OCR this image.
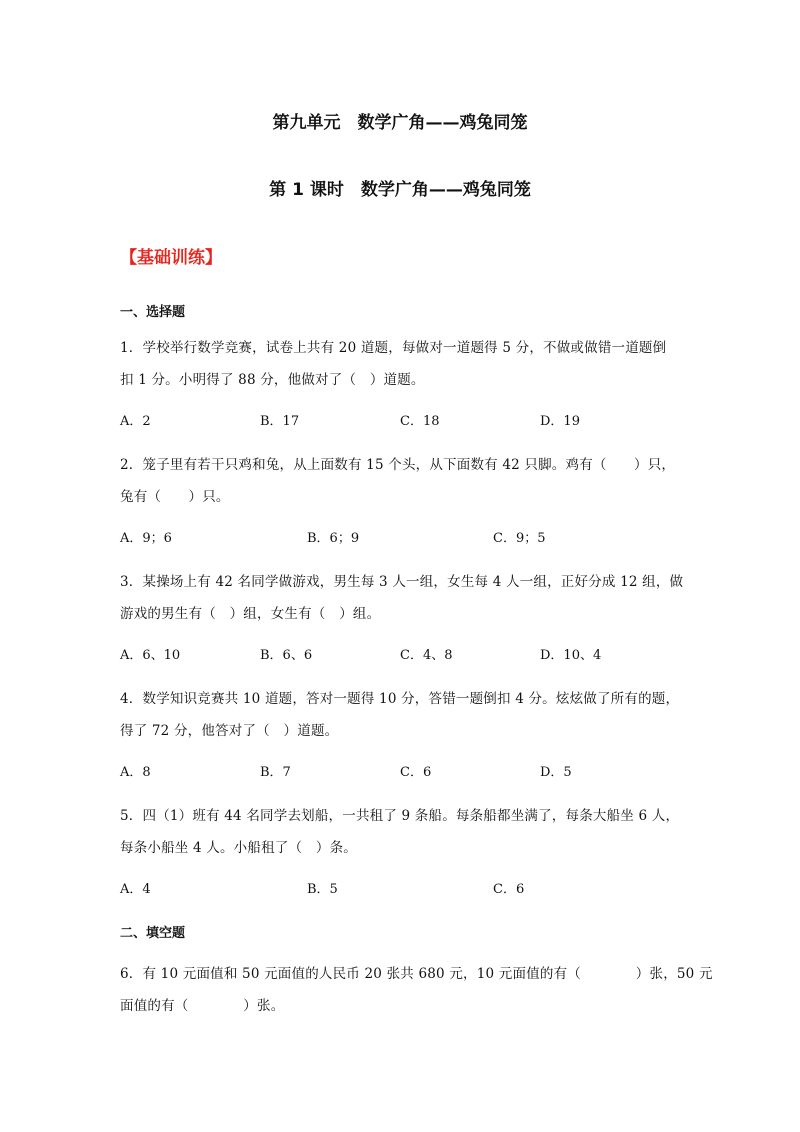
第九单元　数学广角——鸡兔同笼
第 1 课时　数学广角——鸡兔同笼
【基础训练】
一、选择题
1．学校举行数学竞赛，试卷上共有 20 道题，每做对一道题得 5 分，不做或做错一道题倒
扣 1 分。小明得了 88 分，他做对了（　）道题。
A．2	B．17	C．18	D．19
2．笼子里有若干只鸡和兔，从上面数有 15 个头，从下面数有 42 只脚。鸡有（　　）只，
兔有（　　）只。
A．9；6	B．6；9	C．9；5
3．某操场上有 42 名同学做游戏，男生每 3 人一组，女生每 4 人一组，正好分成 12 组，做
游戏的男生有（　）组，女生有（　）组。
A．6、10	B．6、6	C．4、8	D．10、4
4．数学知识竞赛共 10 道题，答对一题得 10 分，答错一题倒扣 4 分。炫炫做了所有的题，
得了 72 分，他答对了（　）道题。
A．8	B．7	C．6	D．5
5．四（1）班有 44 名同学去划船，一共租了 9 条船。每条船都坐满了，每条大船坐 6 人，
每条小船坐 4 人。小船租了（　）条。
A．4	B．5	C．6
二、填空题
6．有 10 元面值和 50 元面值的人民币 20 张共 680 元，10 元面值的有（　　　　）张，50 元
面值的有（　　　　）张。
